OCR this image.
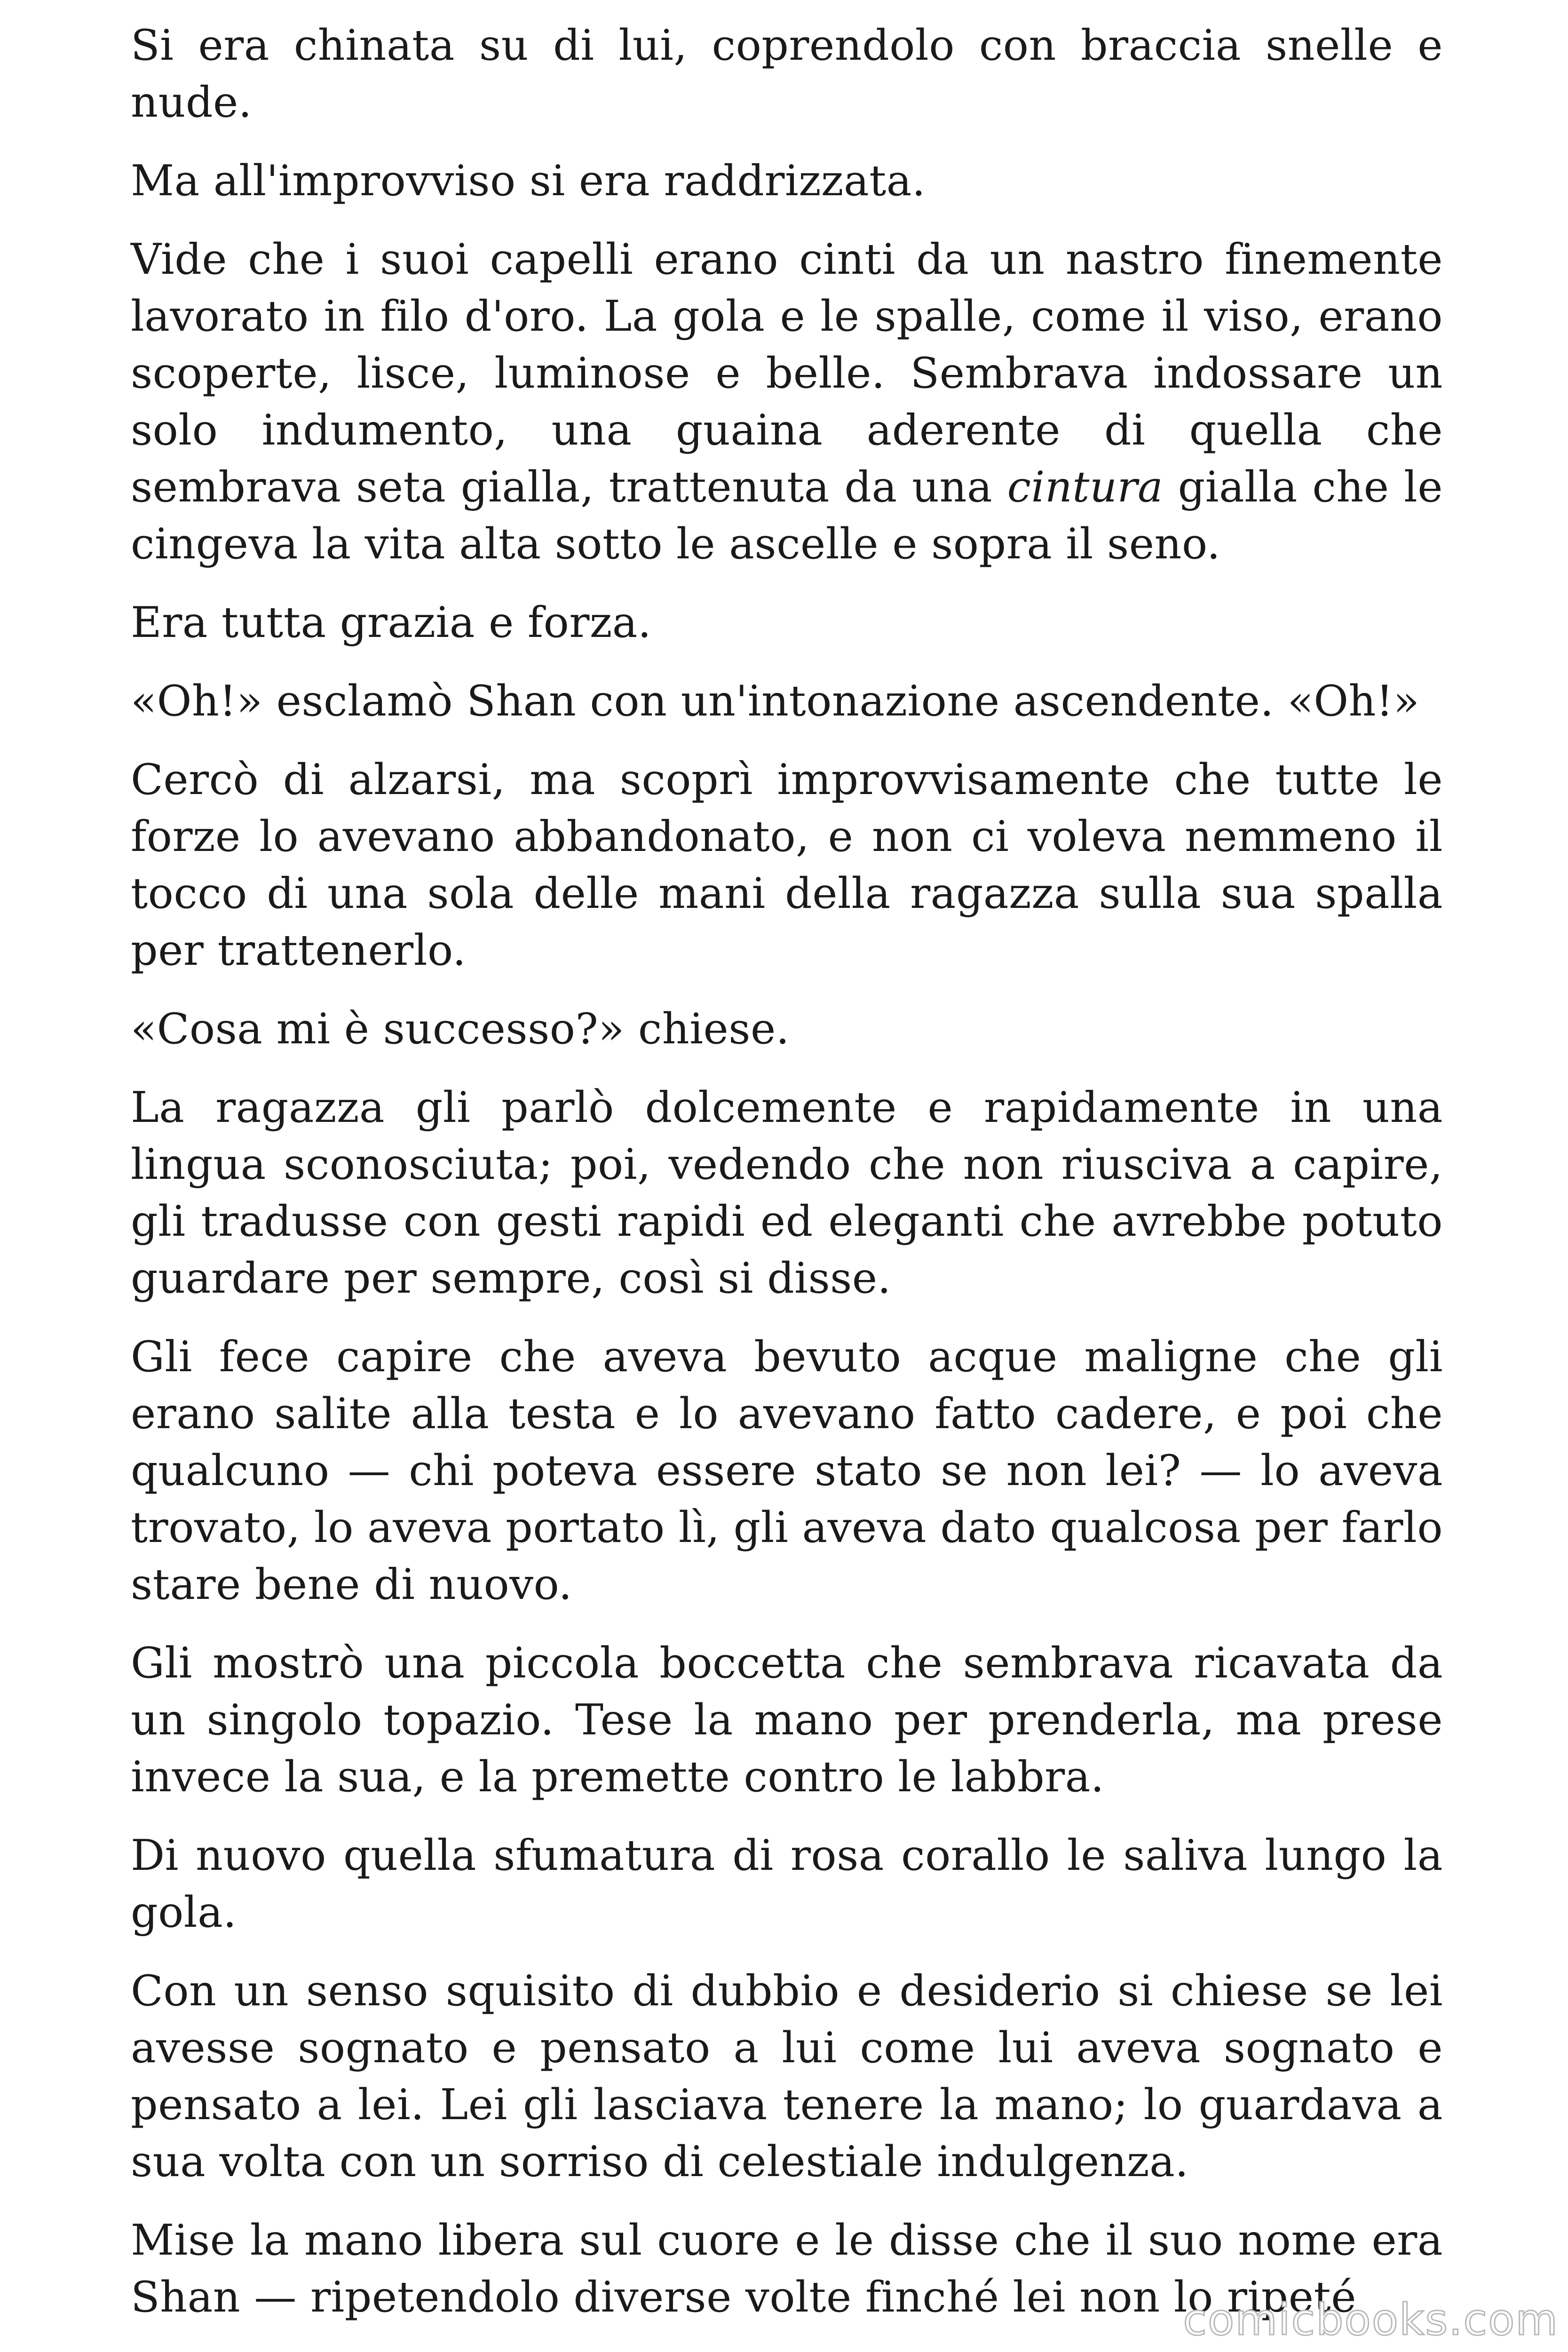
Si era chinata su di lui, coprendolo con braccia snelle e nude.

Ma all'improvviso si era raddrizzata.

Vide che i suoi capelli erano cinti da un nastro finemente lavorato in filo d'oro. La gola e le spalle, come il viso, erano scoperte, lisce, luminose e belle. Sembrava indossare un solo indumento, una guaina aderente di quella che sembrava seta gialla, trattenuta da una cintura gialla che le cingeva la vita alta sotto le ascelle e sopra il seno.

Era tutta grazia e forza.

«Oh!» esclamò Shan con un'intonazione ascendente. «Oh!»

Cercò di alzarsi, ma scoprì improvvisamente che tutte le forze lo avevano abbandonato, e non ci voleva nemmeno il tocco di una sola delle mani della ragazza sulla sua spalla per trattenerlo.

«Cosa mi è successo?» chiese.

La ragazza gli parlò dolcemente e rapidamente in una lingua sconosciuta; poi, vedendo che non riusciva a capire, gli tradusse con gesti rapidi ed eleganti che avrebbe potuto guardare per sempre, così si disse.

Gli fece capire che aveva bevuto acque maligne che gli erano salite alla testa e lo avevano fatto cadere, e poi che qualcuno — chi poteva essere stato se non lei? — lo aveva trovato, lo aveva portato lì, gli aveva dato qualcosa per farlo stare bene di nuovo.

Gli mostrò una piccola boccetta che sembrava ricavata da un singolo topazio. Tese la mano per prenderla, ma prese invece la sua, e la premette contro le labbra.

Di nuovo quella sfumatura di rosa corallo le saliva lungo la gola.

Con un senso squisito di dubbio e desiderio si chiese se lei avesse sognato e pensato a lui come lui aveva sognato e pensato a lei. Lei gli lasciava tenere la mano; lo guardava a sua volta con un sorriso di celestiale indulgenza.

Mise la mano libera sul cuore e le disse che il suo nome era Shan — ripetendolo diverse volte finché lei non lo ripeté

comicbooks.com
